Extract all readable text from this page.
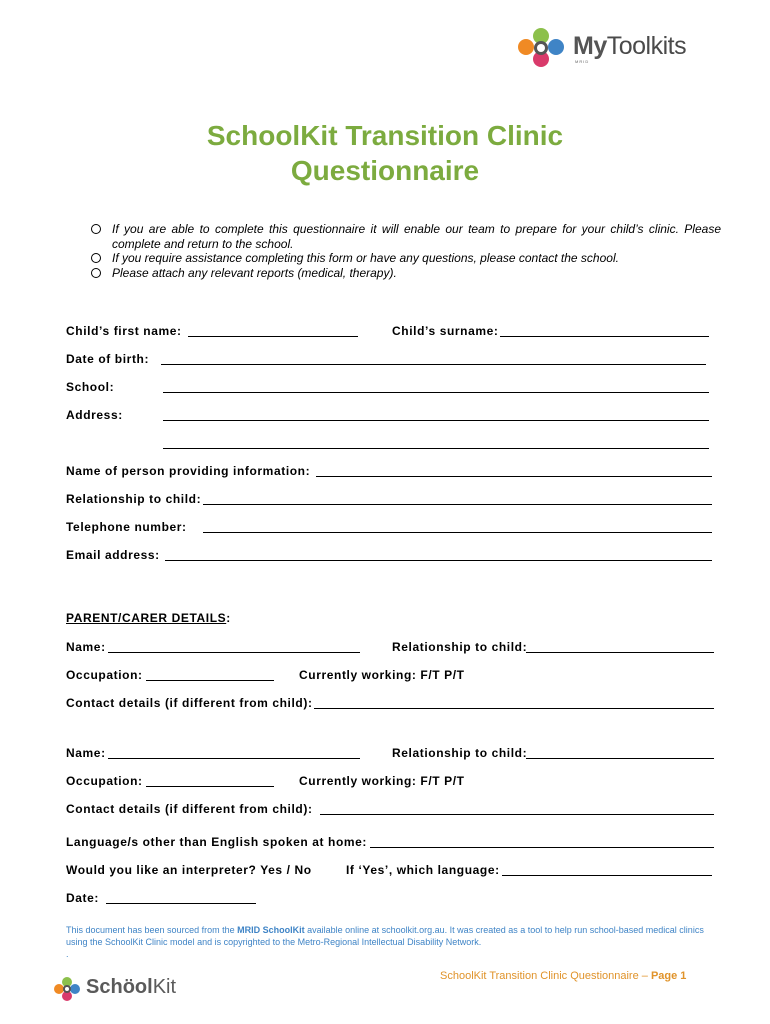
MyToolkits
MRID
SchoolKit Transition Clinic
Questionnaire
If you are able to complete this questionnaire it will enable our team to prepare for your child’s clinic. Please complete and return to the school.
If you require assistance completing this form or have any questions, please contact the school.
Please attach any relevant reports (medical, therapy).
Child’s first name:	Child’s surname:
Date of birth:
School:
Address:
Name of person providing information:
Relationship to child:
Telephone number:
Email address:
PARENT/CARER DETAILS:
Name:	Relationship to child:
Occupation:	Currently working: F/T P/T
Contact details (if different from child):
Name:	Relationship to child:
Occupation:	Currently working: F/T P/T
Contact details (if different from child):
Language/s other than English spoken at home:
Would you like an interpreter? Yes / No	If ‘Yes’, which language:
Date:
This document has been sourced from the MRID SchoolKit available online at schoolkit.org.au. It was created as a tool to help run school-based medical clinics using the SchoolKit Clinic model and is copyrighted to the Metro-Regional Intellectual Disability Network.
.
SchöolKit	SchoolKit Transition Clinic Questionnaire – Page 1
